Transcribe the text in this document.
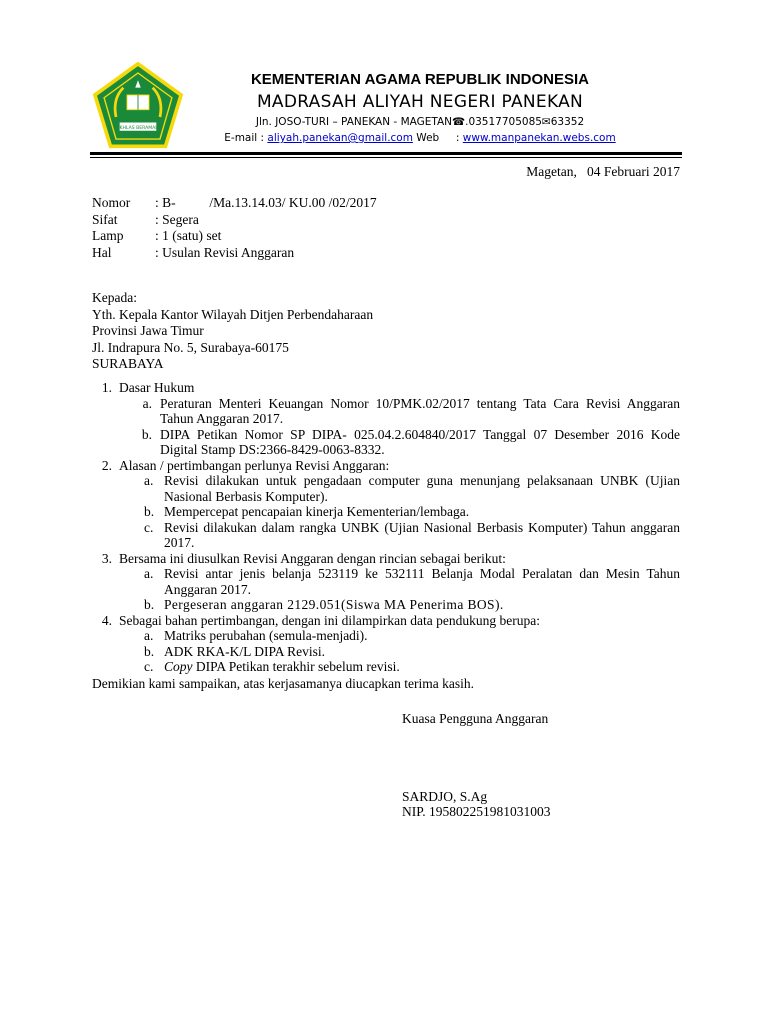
IKHLAS BERAMAL
KEMENTERIAN AGAMA REPUBLIK INDONESIA
MADRASAH ALIYAH NEGERI PANEKAN
Jln. JOSO-TURI – PANEKAN - MAGETAN☎.03517705085✉63352
E-mail : aliyah.panekan@gmail.com Web     : www.manpanekan.webs.com
Magetan,   04 Februari 2017
Nomor	: B-          /Ma.13.14.03/ KU.00 /02/2017
Sifat	: Segera
Lamp	: 1 (satu) set
Hal	: Usulan Revisi Anggaran
Kepada:
Yth. Kepala Kantor Wilayah Ditjen Perbendaharaan
Provinsi Jawa Timur
Jl. Indrapura No. 5, Surabaya-60175
SURABAYA
1. Dasar Hukum
a. Peraturan Menteri Keuangan Nomor 10/PMK.02/2017 tentang Tata Cara Revisi Anggaran Tahun Anggaran 2017.
b. DIPA Petikan Nomor SP DIPA- 025.04.2.604840/2017 Tanggal 07 Desember 2016 Kode Digital Stamp DS:2366-8429-0063-8332.
2. Alasan / pertimbangan perlunya Revisi Anggaran:
a. Revisi dilakukan untuk pengadaan computer guna menunjang pelaksanaan UNBK (Ujian Nasional Berbasis Komputer).
b. Mempercepat pencapaian kinerja Kementerian/lembaga.
c. Revisi dilakukan dalam rangka UNBK (Ujian Nasional Berbasis Komputer) Tahun anggaran 2017.
3. Bersama ini diusulkan Revisi Anggaran dengan rincian sebagai berikut:
a. Revisi antar jenis belanja 523119 ke 532111 Belanja Modal Peralatan dan Mesin Tahun Anggaran 2017.
b. Pergeseran anggaran 2129.051(Siswa MA Penerima BOS).
4. Sebagai bahan pertimbangan, dengan ini dilampirkan data pendukung berupa:
a. Matriks perubahan (semula-menjadi).
b. ADK RKA-K/L DIPA Revisi.
c. Copy DIPA Petikan terakhir sebelum revisi.
Demikian kami sampaikan, atas kerjasamanya diucapkan terima kasih.
Kuasa Pengguna Anggaran
SARDJO, S.Ag
NIP. 195802251981031003
